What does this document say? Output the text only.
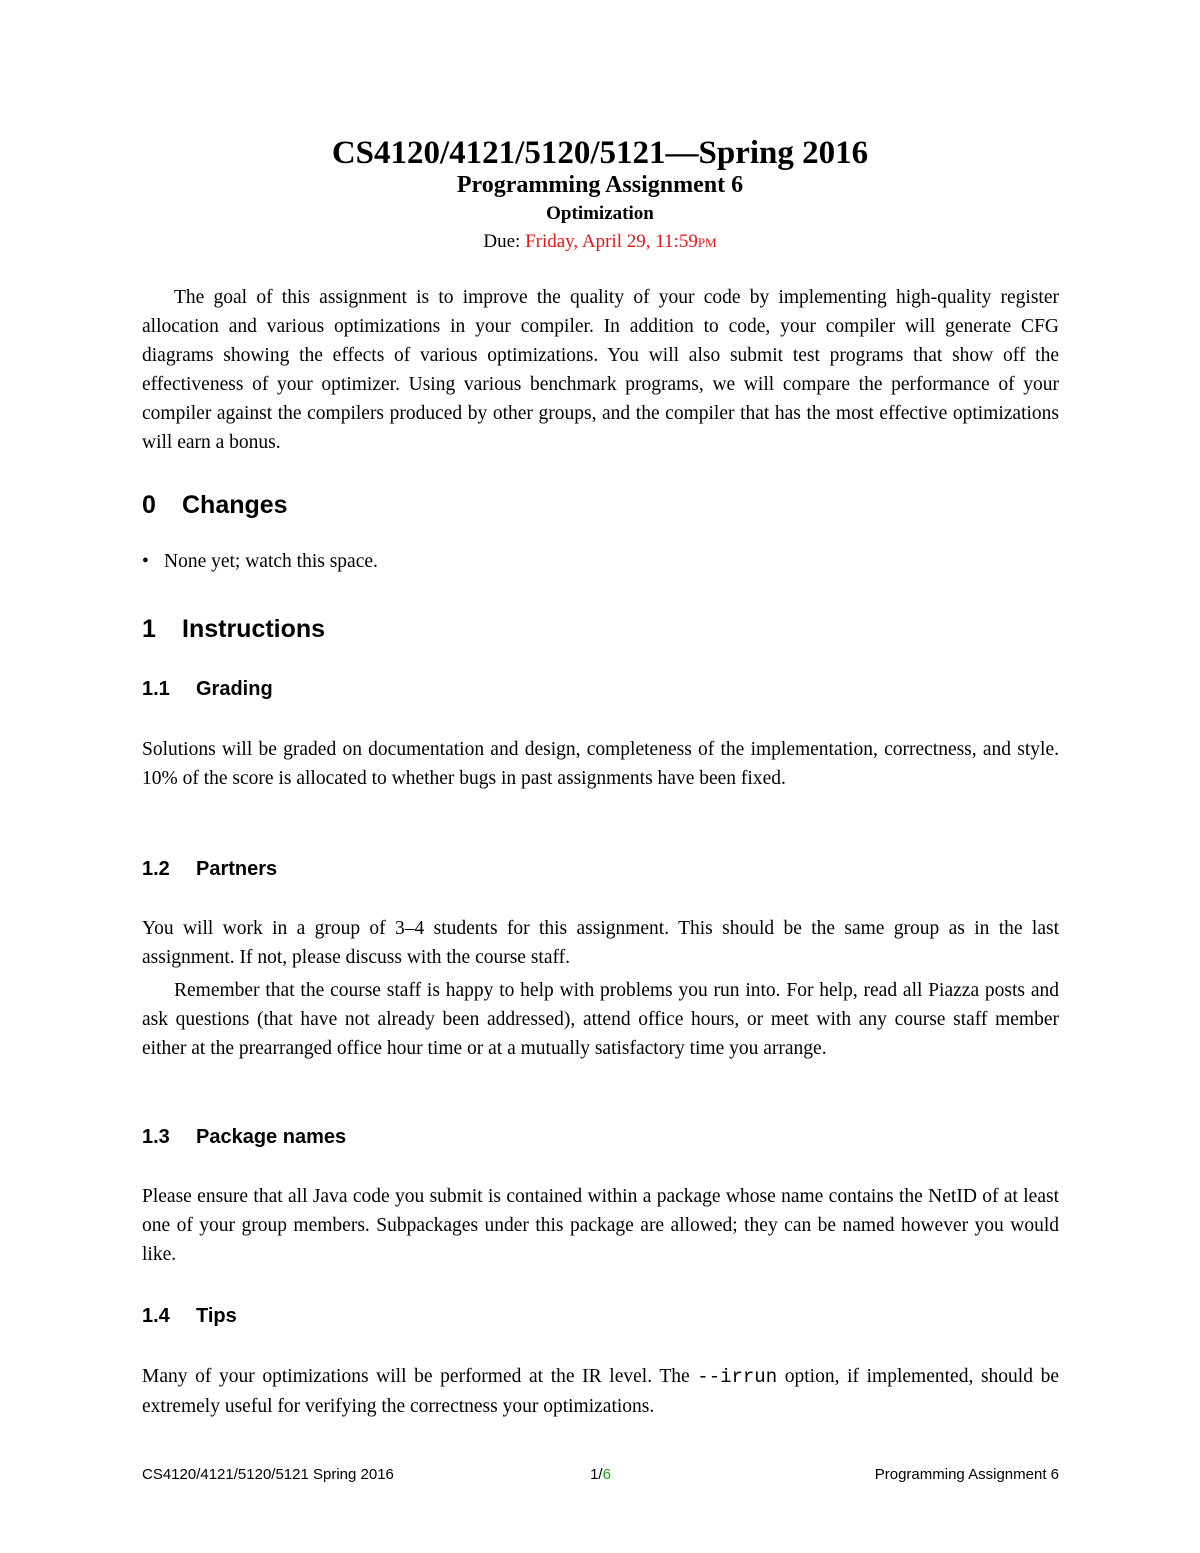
CS4120/4121/5120/5121—Spring 2016
Programming Assignment 6
Optimization
Due: Friday, April 29, 11:59pm

The goal of this assignment is to improve the quality of your code by implementing high-quality register allocation and various optimizations in your compiler. In addition to code, your compiler will generate CFG diagrams showing the effects of various optimizations. You will also submit test programs that show off the effectiveness of your optimizer. Using various benchmark programs, we will compare the performance of your compiler against the compilers produced by other groups, and the compiler that has the most effective optimizations will earn a bonus.

0 Changes
• None yet; watch this space.
1 Instructions
1.1 Grading

Solutions will be graded on documentation and design, completeness of the implementation, correctness, and style. 10% of the score is allocated to whether bugs in past assignments have been fixed.

1.2 Partners

You will work in a group of 3–4 students for this assignment. This should be the same group as in the last assignment. If not, please discuss with the course staff.

Remember that the course staff is happy to help with problems you run into. For help, read all Piazza posts and ask questions (that have not already been addressed), attend office hours, or meet with any course staff member either at the prearranged office hour time or at a mutually satisfactory time you arrange.

1.3 Package names

Please ensure that all Java code you submit is contained within a package whose name contains the NetID of at least one of your group members. Subpackages under this package are allowed; they can be named however you would like.

1.4 Tips

Many of your optimizations will be performed at the IR level. The --irrun option, if implemented, should be extremely useful for verifying the correctness your optimizations.

CS4120/4121/5120/5121 Spring 2016	1/6	Programming Assignment 6
